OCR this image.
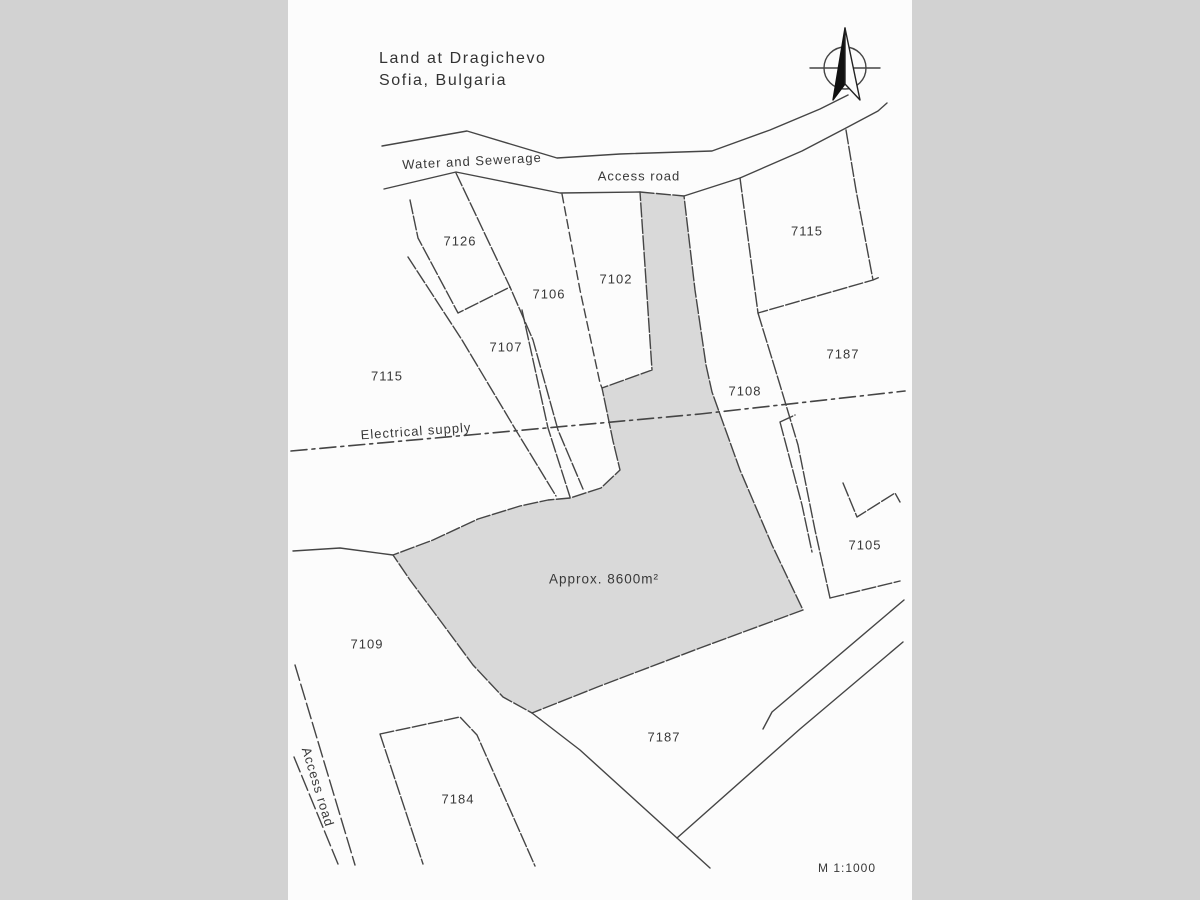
Land at Dragichevo
Sofia, Bulgaria
Water and Sewerage
Access road
Electrical supply
Access road
Approx. 8600m²
7126
7106
7102
7115
7187
7107
7115
7108
7105
7109
7187
7184
M 1:1000
